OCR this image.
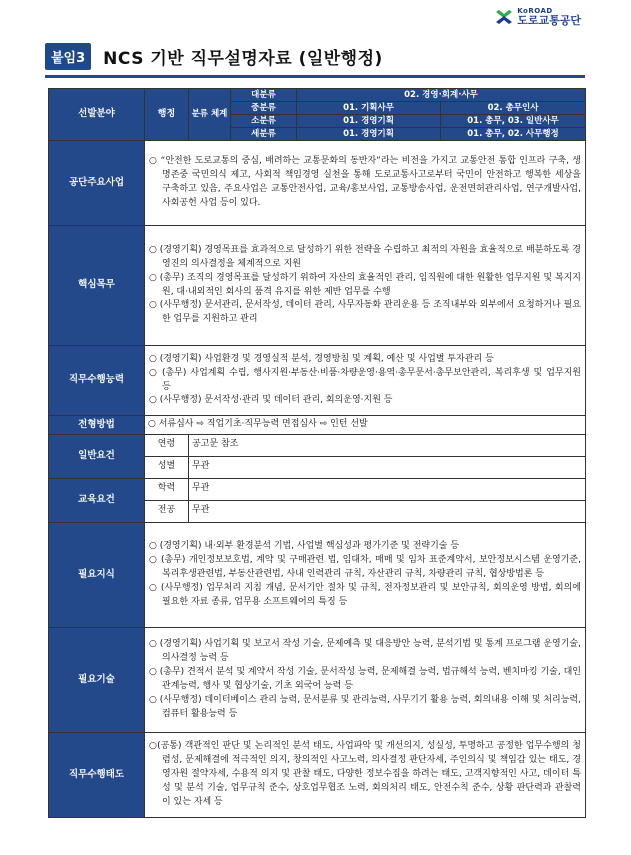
KoROAD
도로교통공단
붙임3	NCS 기반 직무설명자료 (일반행정)
선발분야	행정	분류 체계	대분류	02. 경영·회계·사무	
			중분류	01. 기획사무	02. 총무인사
			소분류	01. 경영기획	01. 총무, 03. 일반사무
			세분류	01. 경영기획	01. 총무, 02. 사무행정
공단주요사업	○ “안전한 도로교통의 중심, 배려하는 교통문화의 동반자”라는 비전을 가지고 교통안전 통합 인프라 구축, 생명존중 국민의식 제고, 사회적 책임경영 실천을 통해 도로교통사고로부터 국민이 안전하고 행복한 세상을 구축하고 있음, 주요사업은 교통안전사업, 교육/홍보사업, 교통방송사업, 운전면허관리사업, 연구개발사업, 사회공헌 사업 등이 있다.				

핵심목무	○ (경영기획) 경영목표를 효과적으로 달성하기 위한 전략을 수립하고 최적의 자원을 효율적으로 배분하도록 경영진의 의사결정을 체계적으로 지원

○ (총무) 조직의 경영목표를 달성하기 위하여 자산의 효율적인 관리, 임직원에 대한 원활한 업무지원 및 복지지원, 대·내외적인 회사의 품격 유지를 위한 제반 업무를 수행

○ (사무행정) 문서관리, 문서작성, 데이터 관리, 사무자동화 관리운용 등 조직내부와 외부에서 요청하거나 필요한 업무를 지원하고 관리				

직무수행능력	○ (경영기획) 사업환경 및 경영실적 분석, 경영방침 및 계획, 예산 및 사업별 투자관리 등

○ (총무) 사업계획 수립, 행사지원·부동산·비품·차량운영·용역·총무문서·총무보안관리, 복리후생 및 업무지원 등

○ (사무행정) 문서작성·관리 및 데이터 관리, 회의운영·지원 등				

전형방법	○ 서류심사 ⇨ 직업기초·직무능력 면접심사 ⇨ 인턴 선발				
일반요건	연령	공고문 참조			
	성별	무관			
교육요건	학력	무관			
	전공	무관			
필요지식	○ (경영기획) 내·외부 환경분석 기법, 사업별 핵심성과 평가기준 및 전략기술 등

○ (총무) 개인정보보호법, 계약 및 구매관련 법, 임대차, 매매 및 임차 표준계약서, 보안정보시스템 운영기준, 복리후생관련법, 부동산관련법, 사내 인력관리 규칙, 자산관리 규칙, 차량관리 규칙, 협상방법론 등

○ (사무행정) 업무처리 지침 개념, 문서기안 절차 및 규칙, 전자정보관리 및 보안규칙, 회의운영 방법, 회의에 필요한 자료 종류, 업무용 소프트웨어의 특징 등				

필요기술	○ (경영기획) 사업기획 및 보고서 작성 기술, 문제예측 및 대응방안 능력, 분석기법 및 통계 프로그램 운영기술, 의사결정 능력 등

○ (총무) 견적서 분석 및 계약서 작성 기술, 문서작성 능력, 문제해결 능력, 법규해석 능력, 벤치마킹 기술, 대인관계능력, 행사 및 협상기술, 기초 외국어 능력 등

○ (사무행정) 데이터베이스 관리 능력, 문서분류 및 관리능력, 사무기기 활용 능력, 회의내용 이해 및 처리능력, 컴퓨터 활용능력 등				

직무수행태도	○(공통) 객관적인 판단 및 논리적인 분석 태도, 사업파악 및 개선의지, 성실성, 투명하고 공정한 업무수행의 청렴성, 문제해결에 적극적인 의지, 창의적인 사고노력, 의사결정 판단자세, 주인의식 및 책임감 있는 태도, 경영자원 절약자세, 수용적 의지 및 관찰 태도, 다양한 정보수집을 하려는 태도, 고객지향적인 사고, 데이터 특성 및 분석 기술, 업무규칙 준수, 상호업무협조 노력, 회의처리 태도, 안전수칙 준수, 상황 판단력과 관찰력이 있는 자세 등				
